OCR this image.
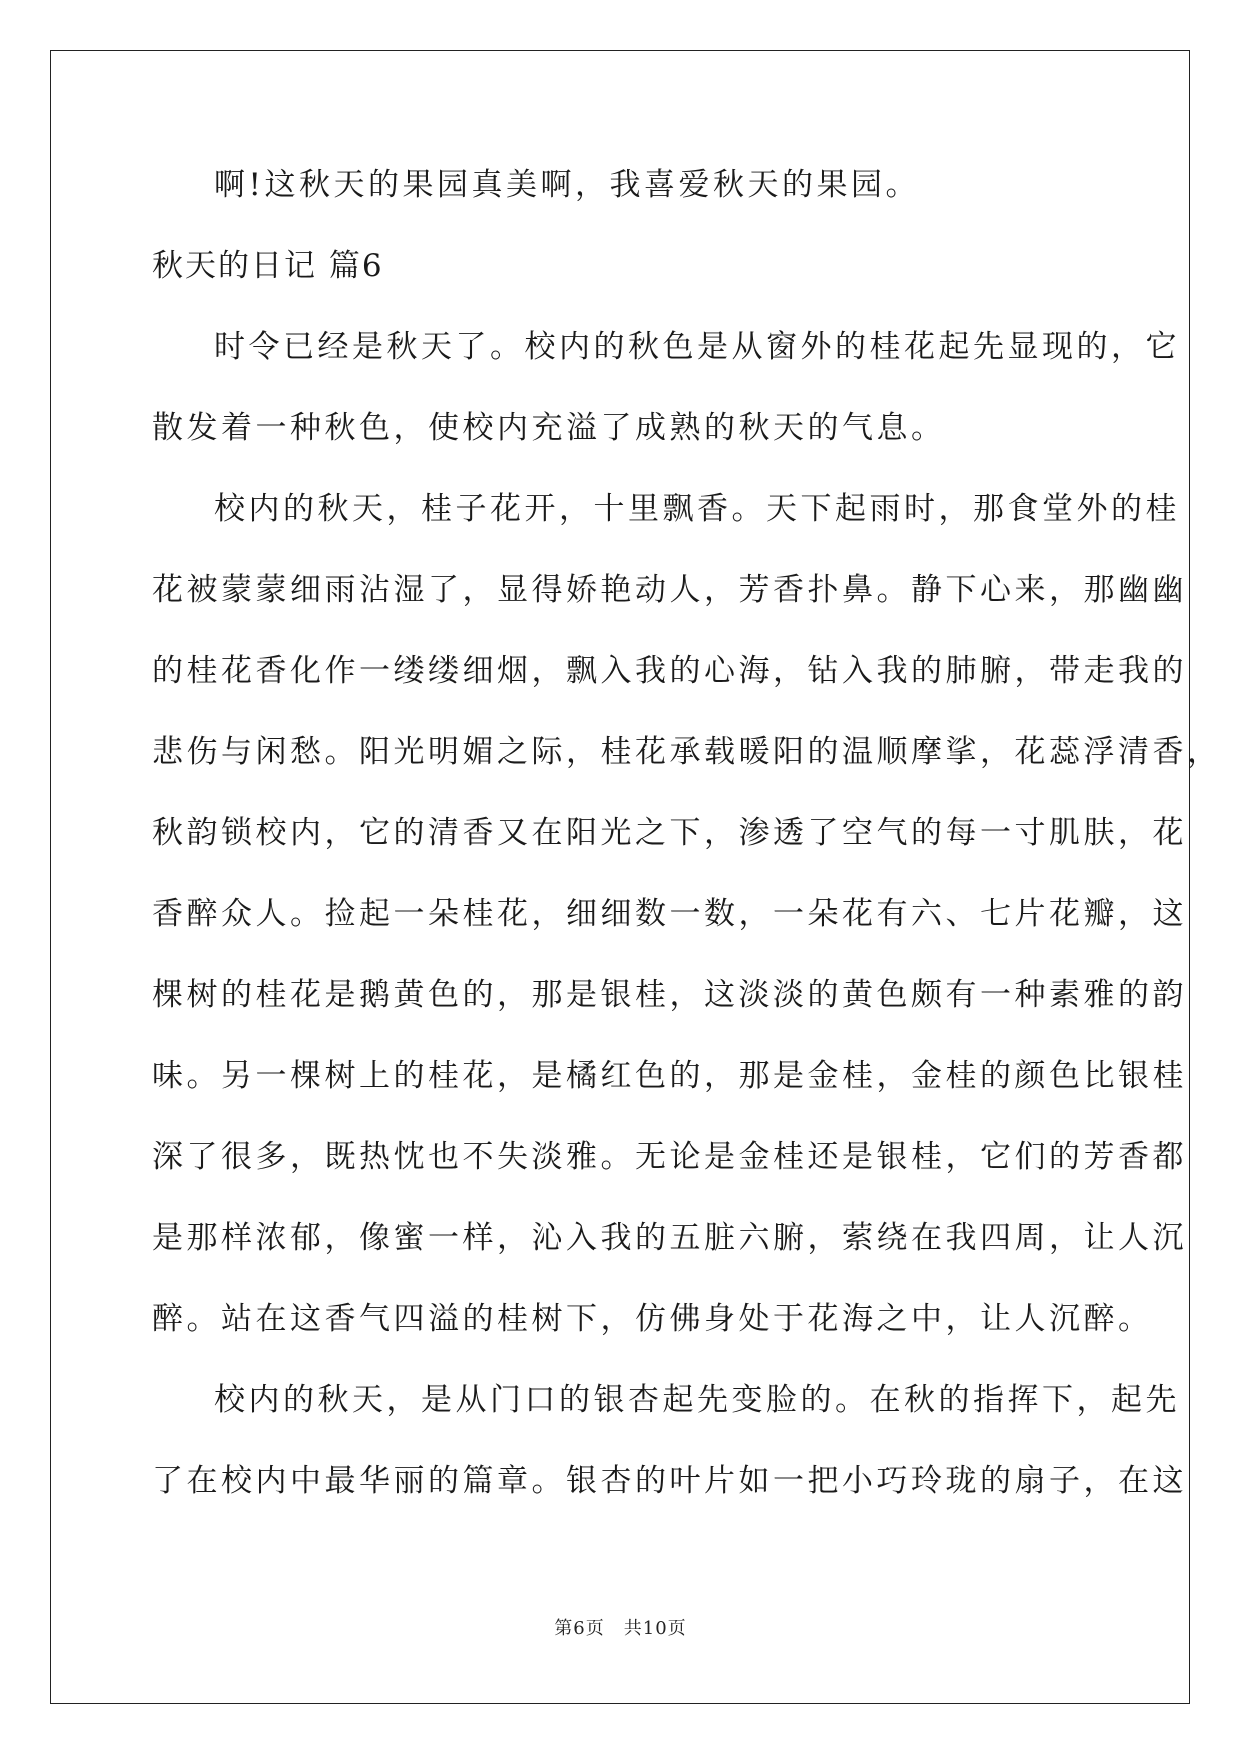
啊!这秋天的果园真美啊，我喜爱秋天的果园。
秋天的日记 篇6
时令已经是秋天了。校内的秋色是从窗外的桂花起先显现的，它
散发着一种秋色，使校内充溢了成熟的秋天的气息。
校内的秋天，桂子花开，十里飘香。天下起雨时，那食堂外的桂
花被蒙蒙细雨沾湿了，显得娇艳动人，芳香扑鼻。静下心来，那幽幽
的桂花香化作一缕缕细烟，飘入我的心海，钻入我的肺腑，带走我的
悲伤与闲愁。阳光明媚之际，桂花承载暖阳的温顺摩挲，花蕊浮清香，
秋韵锁校内，它的清香又在阳光之下，渗透了空气的每一寸肌肤，花
香醉众人。捡起一朵桂花，细细数一数，一朵花有六、七片花瓣，这
棵树的桂花是鹅黄色的，那是银桂，这淡淡的黄色颇有一种素雅的韵
味。另一棵树上的桂花，是橘红色的，那是金桂，金桂的颜色比银桂
深了很多，既热忱也不失淡雅。无论是金桂还是银桂，它们的芳香都
是那样浓郁，像蜜一样，沁入我的五脏六腑，萦绕在我四周，让人沉
醉。站在这香气四溢的桂树下，仿佛身处于花海之中，让人沉醉。
校内的秋天，是从门口的银杏起先变脸的。在秋的指挥下，起先
了在校内中最华丽的篇章。银杏的叶片如一把小巧玲珑的扇子，在这
第6页　共10页
